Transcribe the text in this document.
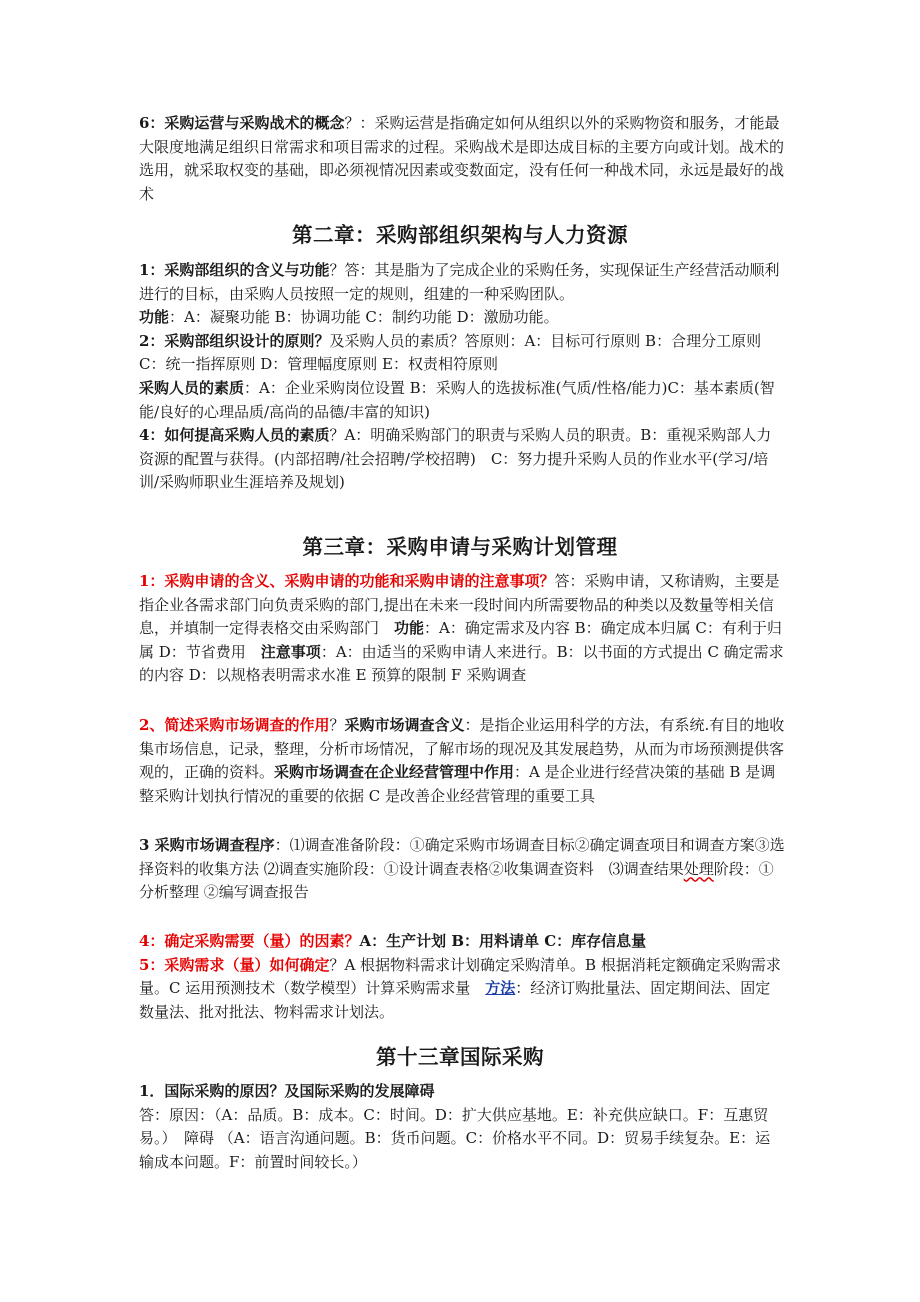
6：采购运营与采购战术的概念？：采购运营是指确定如何从组织以外的采购物资和服务，才能最大限度地满足组织日常需求和项目需求的过程。采购战术是即达成目标的主要方向或计划。战术的选用，就采取权变的基础，即必须视情况因素或变数面定，没有任何一种战术同，永远是最好的战术
第二章：采购部组织架构与人力资源
1：采购部组织的含义与功能？答：其是脂为了完成企业的采购任务，实现保证生产经营活动顺利进行的目标，由采购人员按照一定的规则，组建的一种采购团队。
功能：A：凝聚功能 B：协调功能 C：制约功能 D：激励功能。
2：采购部组织设计的原则？及采购人员的素质？答原则：A：目标可行原则 B：合理分工原则 C：统一指挥原则 D：管理幅度原则 E：权责相符原则
采购人员的素质：A：企业采购岗位设置 B：采购人的选拔标准(气质/性格/能力)C：基本素质(智能/良好的心理品质/高尚的品德/丰富的知识)
4：如何提高采购人员的素质？A：明确采购部门的职责与采购人员的职责。B：重视采购部人力资源的配置与获得。(内部招聘/社会招聘/学校招聘)　C：努力提升采购人员的作业水平(学习/培训/采购师职业生涯培养及规划)
第三章：采购申请与采购计划管理
1：采购申请的含义、采购申请的功能和采购申请的注意事项？答：采购申请，又称请购，主要是指企业各需求部门向负责采购的部门,提出在未来一段时间内所需要物品的种类以及数量等相关信息，并填制一定得表格交由采购部门　功能：A：确定需求及内容 B：确定成本归属 C：有利于归属 D：节省费用　注意事项：A：由适当的采购申请人来进行。B：以书面的方式提出 C 确定需求的内容 D：以规格表明需求水准 E 预算的限制 F 采购调查
2、简述采购市场调查的作用？采购市场调查含义：是指企业运用科学的方法，有系统.有目的地收集市场信息，记录，整理，分析市场情况，了解市场的现况及其发展趋势，从而为市场预测提供客观的，正确的资料。采购市场调查在企业经营管理中作用：A 是企业进行经营决策的基础 B 是调整采购计划执行情况的重要的依据 C 是改善企业经营管理的重要工具
3 采购市场调查程序：⑴调查准备阶段：①确定采购市场调查目标②确定调查项目和调查方案③选择资料的收集方法 ⑵调查实施阶段：①设计调查表格②收集调查资料　⑶调查结果处理阶段：①分析整理 ②编写调查报告
4：确定采购需要（量）的因素？A：生产计划 B：用料请单 C：库存信息量
5：采购需求（量）如何确定？A 根据物料需求计划确定采购清单。B 根据消耗定额确定采购需求量。C 运用预测技术（数学模型）计算采购需求量　方法：经济订购批量法、固定期间法、固定数量法、批对批法、物料需求计划法。
第十三章国际采购
1．国际采购的原因？及国际采购的发展障碍
答：原因：（A：品质。B：成本。C：时间。D：扩大供应基地。E：补充供应缺口。F：互惠贸易。）　障碍 （A：语言沟通问题。B：货币问题。C：价格水平不同。D：贸易手续复杂。E：运输成本问题。F：前置时间较长。）
